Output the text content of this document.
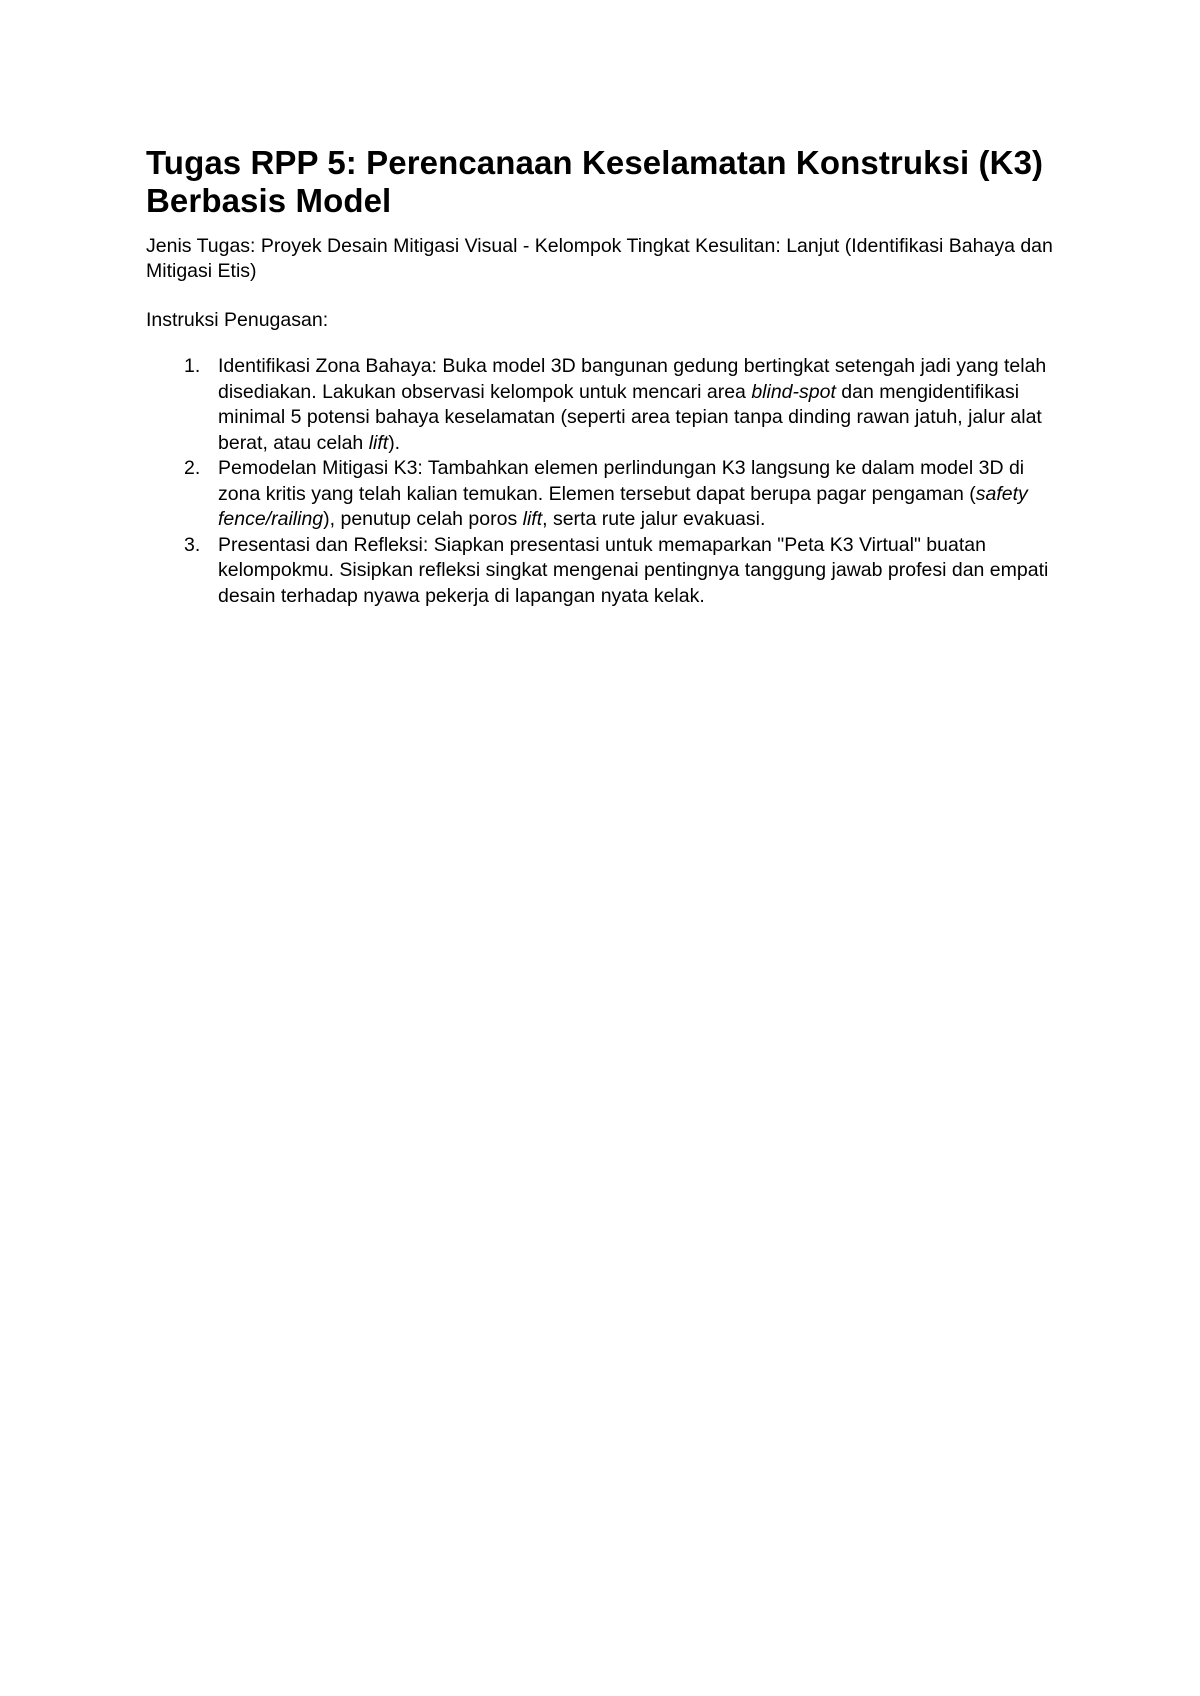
Tugas RPP 5: Perencanaan Keselamatan Konstruksi (K3) Berbasis Model

Jenis Tugas: Proyek Desain Mitigasi Visual - Kelompok Tingkat Kesulitan: Lanjut (Identifikasi Bahaya dan Mitigasi Etis)

Instruksi Penugasan:

1. Identifikasi Zona Bahaya: Buka model 3D bangunan gedung bertingkat setengah jadi yang telah disediakan. Lakukan observasi kelompok untuk mencari area blind-spot dan mengidentifikasi minimal 5 potensi bahaya keselamatan (seperti area tepian tanpa dinding rawan jatuh, jalur alat berat, atau celah lift).
2. Pemodelan Mitigasi K3: Tambahkan elemen perlindungan K3 langsung ke dalam model 3D di zona kritis yang telah kalian temukan. Elemen tersebut dapat berupa pagar pengaman (safety fence/railing), penutup celah poros lift, serta rute jalur evakuasi.
3. Presentasi dan Refleksi: Siapkan presentasi untuk memaparkan "Peta K3 Virtual" buatan kelompokmu. Sisipkan refleksi singkat mengenai pentingnya tanggung jawab profesi dan empati desain terhadap nyawa pekerja di lapangan nyata kelak.
